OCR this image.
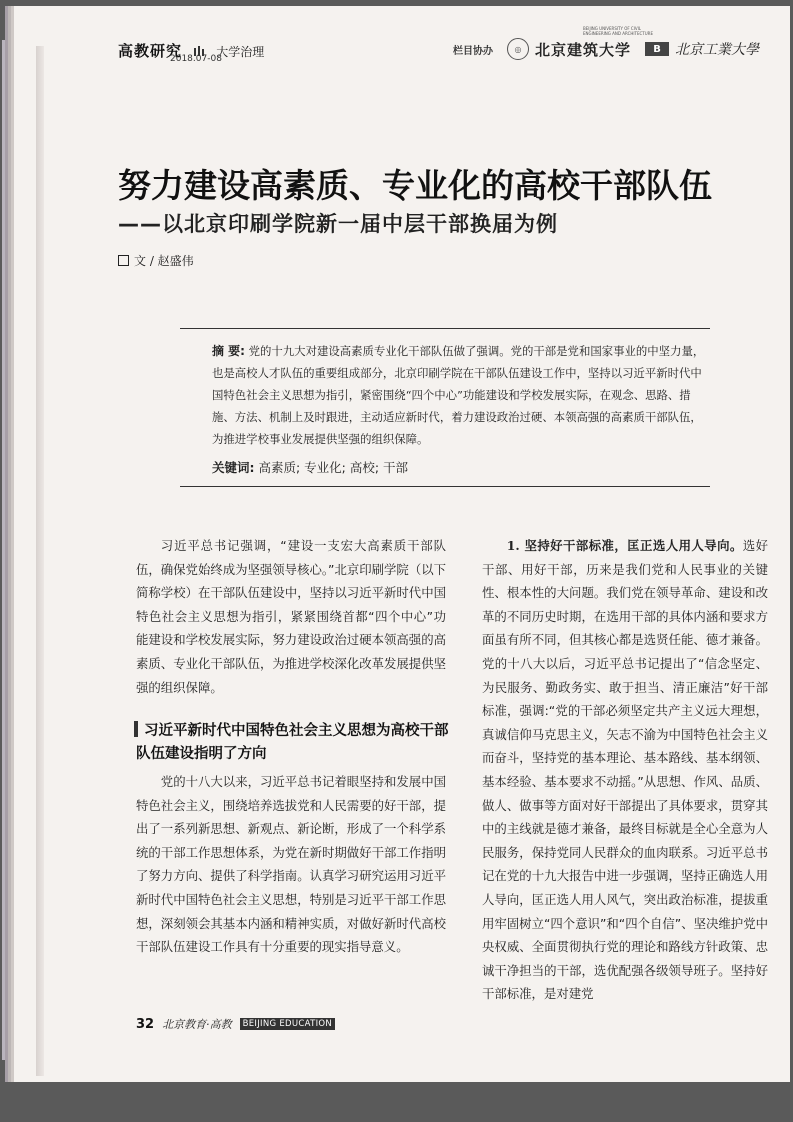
高教研究	大学治理
2018.07-08
BEIJING UNIVERSITY OF CIVIL ENGINEERING AND ARCHITECTURE
栏目协办	◎ 北京建筑大学	B	北京工業大學
努力建设高素质、专业化的高校干部队伍
——以北京印刷学院新一届中层干部换届为例
文 / 赵盛伟
摘 要: 党的十九大对建设高素质专业化干部队伍做了强调。党的干部是党和国家事业的中坚力量，也是高校人才队伍的重要组成部分，北京印刷学院在干部队伍建设工作中，坚持以习近平新时代中国特色社会主义思想为指引，紧密围绕“四个中心”功能建设和学校发展实际，在观念、思路、措施、方法、机制上及时跟进，主动适应新时代，着力建设政治过硬、本领高强的高素质干部队伍，为推进学校事业发展提供坚强的组织保障。
关键词: 高素质; 专业化; 高校; 干部

习近平总书记强调，“建设一支宏大高素质干部队伍，确保党始终成为坚强领导核心。”北京印刷学院（以下简称学校）在干部队伍建设中，坚持以习近平新时代中国特色社会主义思想为指引，紧紧围绕首都“四个中心”功能建设和学校发展实际，努力建设政治过硬本领高强的高素质、专业化干部队伍，为推进学校深化改革发展提供坚强的组织保障。

习近平新时代中国特色社会主义思想为高校干部队伍建设指明了方向

党的十八大以来，习近平总书记着眼坚持和发展中国特色社会主义，围绕培养选拔党和人民需要的好干部，提出了一系列新思想、新观点、新论断，形成了一个科学系统的干部工作思想体系，为党在新时期做好干部工作指明了努力方向、提供了科学指南。认真学习研究运用习近平新时代中国特色社会主义思想，特别是习近平干部工作思想，深刻领会其基本内涵和精神实质，对做好新时代高校干部队伍建设工作具有十分重要的现实指导意义。

1. 坚持好干部标准，匡正选人用人导向。选好干部、用好干部，历来是我们党和人民事业的关键性、根本性的大问题。我们党在领导革命、建设和改革的不同历史时期，在选用干部的具体内涵和要求方面虽有所不同，但其核心都是选贤任能、德才兼备。党的十八大以后，习近平总书记提出了“信念坚定、为民服务、勤政务实、敢于担当、清正廉洁”好干部标准，强调:“党的干部必须坚定共产主义远大理想，真诚信仰马克思主义，矢志不渝为中国特色社会主义而奋斗，坚持党的基本理论、基本路线、基本纲领、基本经验、基本要求不动摇。”从思想、作风、品质、做人、做事等方面对好干部提出了具体要求，贯穿其中的主线就是德才兼备，最终目标就是全心全意为人民服务，保持党同人民群众的血肉联系。习近平总书记在党的十九大报告中进一步强调，坚持正确选人用人导向，匡正选人用人风气，突出政治标准，提拔重用牢固树立“四个意识”和“四个自信”、坚决维护党中央权威、全面贯彻执行党的理论和路线方针政策、忠诚干净担当的干部，选优配强各级领导班子。坚持好干部标准，是对建党

32 北京教育·高教	BEIJING EDUCATION
